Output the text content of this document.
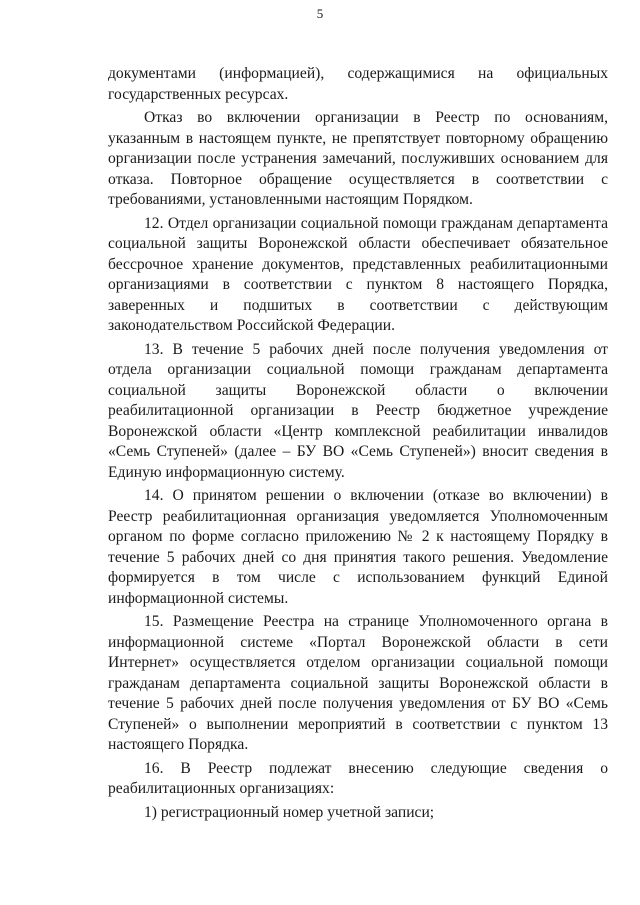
5

документами (информацией), содержащимися на официальных государственных ресурсах.

Отказ во включении организации в Реестр по основаниям, указанным в настоящем пункте, не препятствует повторному обращению организации после устранения замечаний, послуживших основанием для отказа. Повторное обращение осуществляется в соответствии с требованиями, установленными настоящим Порядком.

12. Отдел организации социальной помощи гражданам департамента социальной защиты Воронежской области обеспечивает обязательное бессрочное хранение документов, представленных реабилитационными организациями в соответствии с пунктом 8 настоящего Порядка, заверенных и подшитых в соответствии с действующим законодательством Российской Федерации.

13. В течение 5 рабочих дней после получения уведомления от отдела организации социальной помощи гражданам департамента социальной защиты Воронежской области о включении реабилитационной организации в Реестр бюджетное учреждение Воронежской области «Центр комплексной реабилитации инвалидов «Семь Ступеней» (далее – БУ ВО «Семь Ступеней») вносит сведения в Единую информационную систему.

14. О принятом решении о включении (отказе во включении) в Реестр реабилитационная организация уведомляется Уполномоченным органом по форме согласно приложению № 2 к настоящему Порядку в течение 5 рабочих дней со дня принятия такого решения. Уведомление формируется в том числе с использованием функций Единой информационной системы.

15. Размещение Реестра на странице Уполномоченного органа в информационной системе «Портал Воронежской области в сети Интернет» осуществляется отделом организации социальной помощи гражданам департамента социальной защиты Воронежской области в течение 5 рабочих дней после получения уведомления от БУ ВО «Семь Ступеней» о выполнении мероприятий в соответствии с пунктом 13 настоящего Порядка.

16. В Реестр подлежат внесению следующие сведения о реабилитационных организациях:

1) регистрационный номер учетной записи;
